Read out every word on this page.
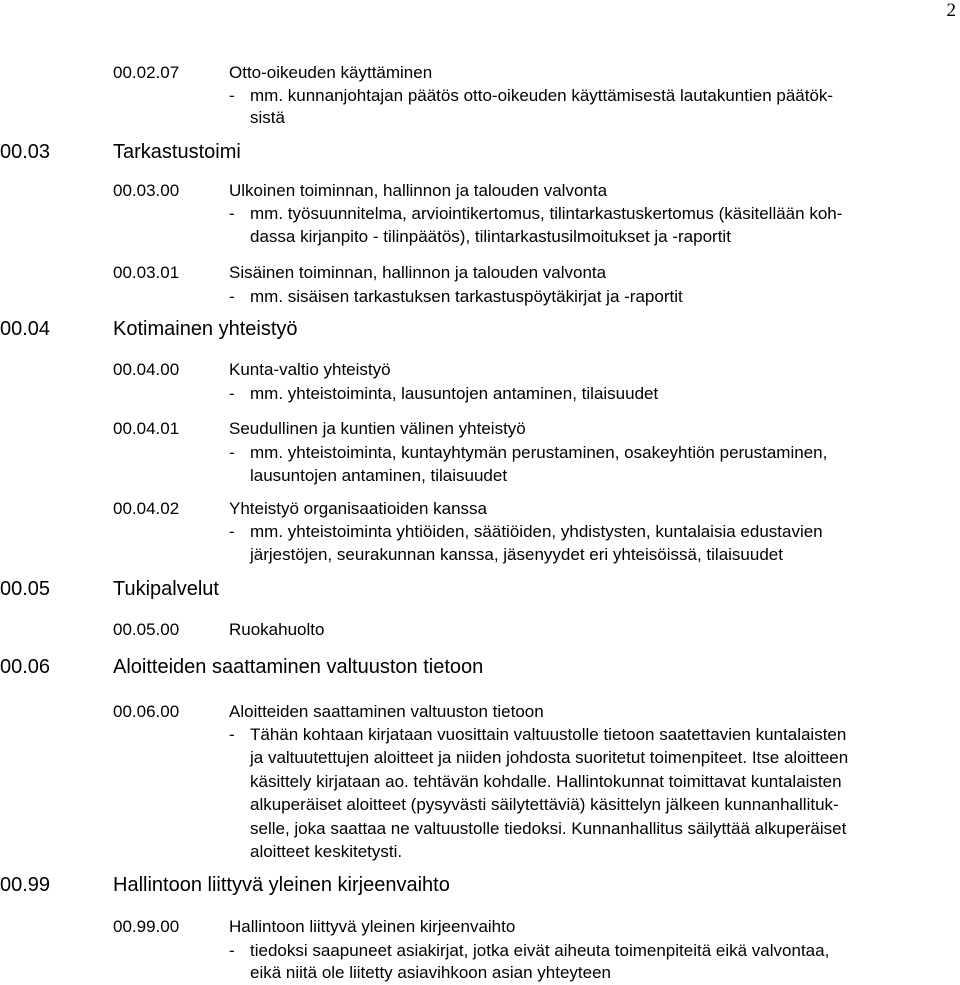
2
00.02.07	Otto-oikeuden käyttäminen
- mm. kunnanjohtajan päätös otto-oikeuden käyttämisestä lautakuntien päätök-
sistä
00.03	Tarkastustoimi
00.03.00	Ulkoinen toiminnan, hallinnon ja talouden valvonta
- mm. työsuunnitelma, arviointikertomus, tilintarkastuskertomus (käsitellään koh-
dassa kirjanpito - tilinpäätös), tilintarkastusilmoitukset ja -raportit
00.03.01	Sisäinen toiminnan, hallinnon ja talouden valvonta
- mm. sisäisen tarkastuksen tarkastuspöytäkirjat ja -raportit
00.04	Kotimainen yhteistyö
00.04.00	Kunta-valtio yhteistyö
- mm. yhteistoiminta, lausuntojen antaminen, tilaisuudet
00.04.01	Seudullinen ja kuntien välinen yhteistyö
- mm. yhteistoiminta, kuntayhtymän perustaminen, osakeyhtiön perustaminen,
lausuntojen antaminen, tilaisuudet
00.04.02	Yhteistyö organisaatioiden kanssa
- mm. yhteistoiminta yhtiöiden, säätiöiden, yhdistysten, kuntalaisia edustavien
järjestöjen, seurakunnan kanssa, jäsenyydet eri yhteisöissä, tilaisuudet
00.05	Tukipalvelut
00.05.00	Ruokahuolto
00.06	Aloitteiden saattaminen valtuuston tietoon
00.06.00	Aloitteiden saattaminen valtuuston tietoon
- Tähän kohtaan kirjataan vuosittain valtuustolle tietoon saatettavien kuntalaisten
ja valtuutettujen aloitteet ja niiden johdosta suoritetut toimenpiteet. Itse aloitteen
käsittely kirjataan ao. tehtävän kohdalle. Hallintokunnat toimittavat kuntalaisten
alkuperäiset aloitteet (pysyvästi säilytettäviä) käsittelyn jälkeen kunnanhallituk-
selle, joka saattaa ne valtuustolle tiedoksi. Kunnanhallitus säilyttää alkuperäiset
aloitteet keskitetysti.
00.99	Hallintoon liittyvä yleinen kirjeenvaihto
00.99.00	Hallintoon liittyvä yleinen kirjeenvaihto
- tiedoksi saapuneet asiakirjat, jotka eivät aiheuta toimenpiteitä eikä valvontaa,
eikä niitä ole liitetty asiavihkoon asian yhteyteen
